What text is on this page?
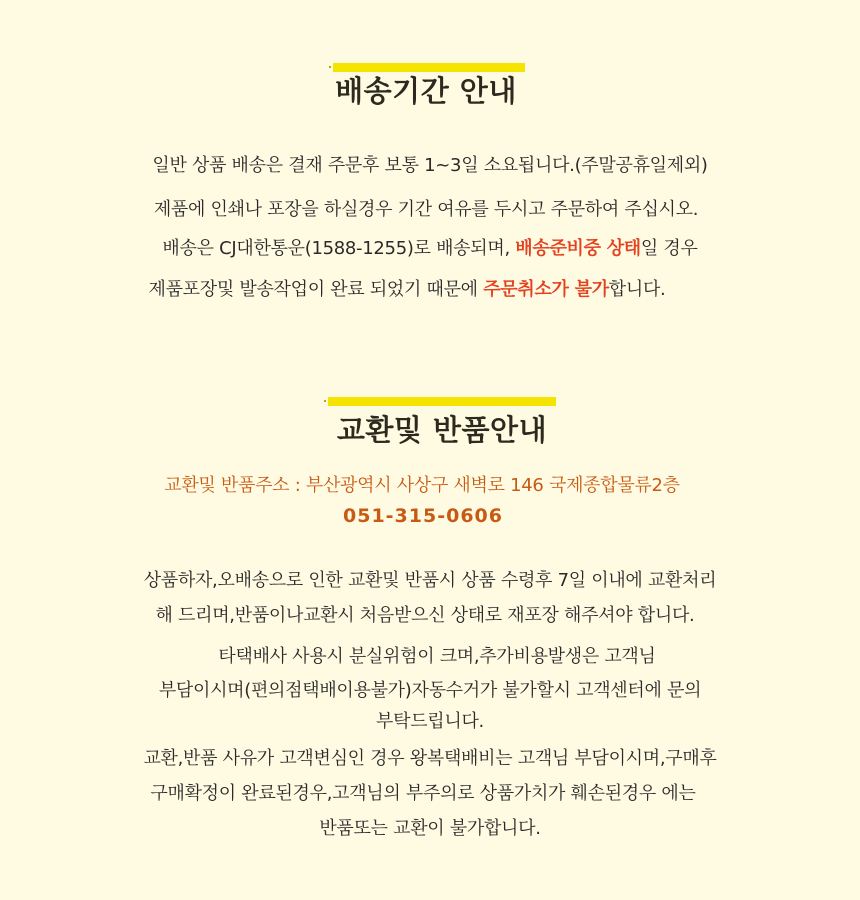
배송기간 안내
일반 상품 배송은 결재 주문후 보통 1~3일 소요됩니다.(주말공휴일제외)
제품에 인쇄나 포장을 하실경우 기간 여유를 두시고 주문하여 주십시오.
배송은 CJ대한통운(1588-1255)로 배송되며, 배송준비중 상태일 경우
제품포장및 발송작업이 완료 되었기 때문에 주문취소가 불가합니다.
교환및 반품안내
교환및 반품주소 : 부산광역시 사상구 새벽로 146 국제종합물류2층
051-315-0606
상품하자,오배송으로 인한 교환및 반품시 상품 수령후 7일 이내에 교환처리
해 드리며,반품이나교환시 처음받으신 상태로 재포장 해주셔야 합니다.
타택배사 사용시 분실위험이 크며,추가비용발생은 고객님
부담이시며(편의점택배이용불가)자동수거가 불가할시 고객센터에 문의
부탁드립니다.
교환,반품 사유가 고객변심인 경우 왕복택배비는 고객님 부담이시며,구매후
구매확정이 완료된경우,고객님의 부주의로 상품가치가 훼손된경우 에는
반품또는 교환이 불가합니다.
